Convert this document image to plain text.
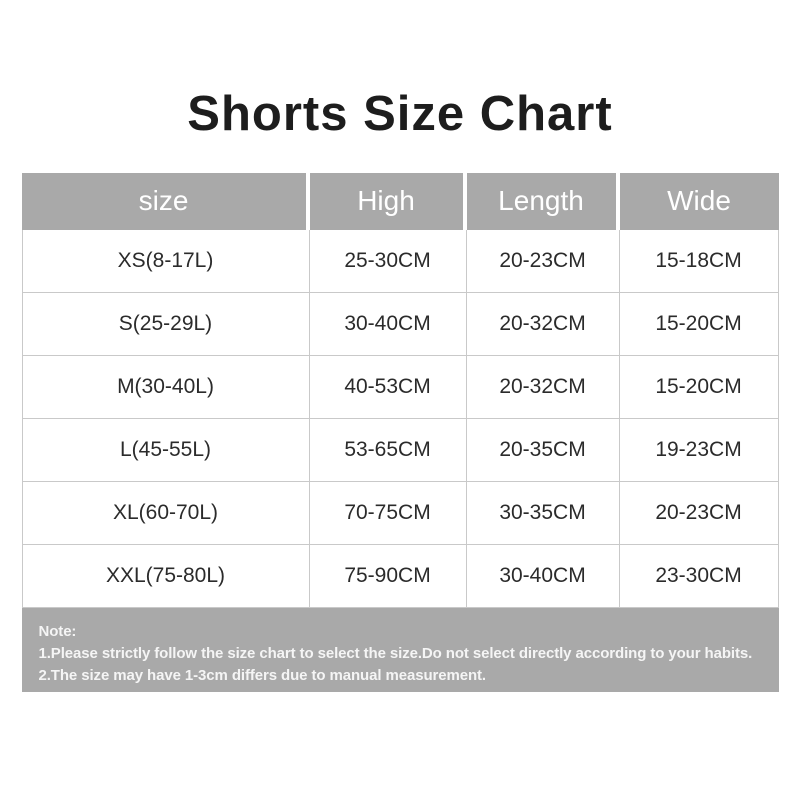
Shorts Size Chart
size	High	Length	Wide
XS(8-17L)	25-30CM	20-23CM	15-18CM
S(25-29L)	30-40CM	20-32CM	15-20CM
M(30-40L)	40-53CM	20-32CM	15-20CM
L(45-55L)	53-65CM	20-35CM	19-23CM
XL(60-70L)	70-75CM	30-35CM	20-23CM
XXL(75-80L)	75-90CM	30-40CM	23-30CM
Note:
1.Please strictly follow the size chart to select the size.Do not select directly according to your habits.
2.The size may have 1-3cm differs due to manual measurement.
